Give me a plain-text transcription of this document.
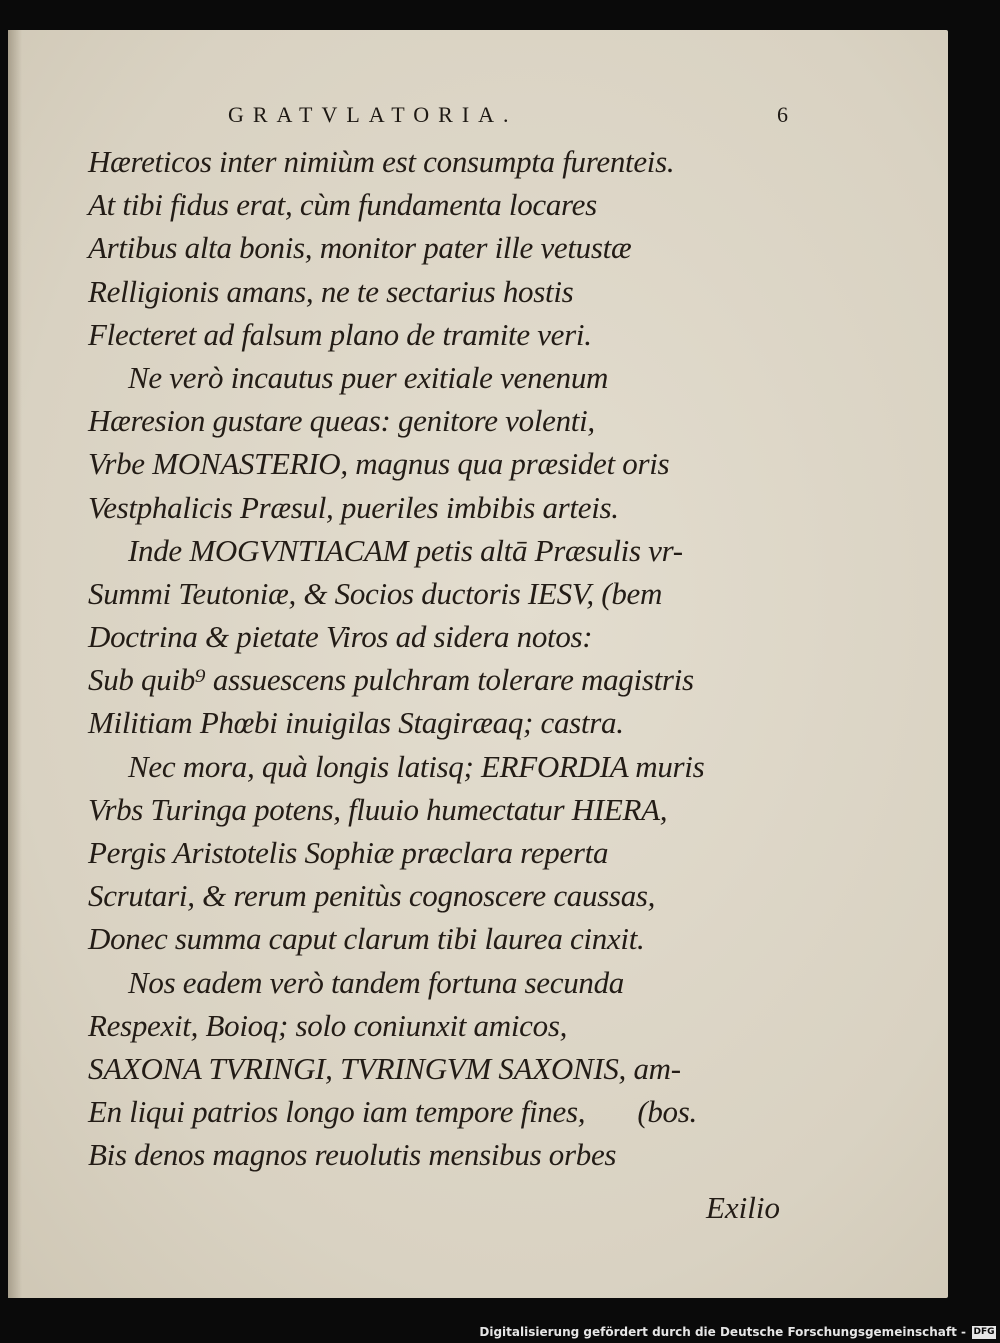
GRATVLATORIA.	6
Hæreticos inter nimiùm est consumpta furenteis.
At tibi fidus erat, cùm fundamenta locares
Artibus alta bonis, monitor pater ille vetustæ
Relligionis amans, ne te sectarius hostis
Flecteret ad falsum plano de tramite veri.
Ne verò incautus puer exitiale venenum
Hæresion gustare queas: genitore volenti,
Vrbe MONASTERIO, magnus qua præsidet oris
Vestphalicis Præsul, pueriles imbibis arteis.
Inde MOGVNTIACAM petis altā Præsulis vr-
Summi Teutoniæ, & Socios ductoris IESV, (bem
Doctrina & pietate Viros ad sidera notos:
Sub quib⁹ assuescens pulchram tolerare magistris
Militiam Phœbi inuigilas Stagiræaq; castra.
Nec mora, quà longis latisq; ERFORDIA muris
Vrbs Turinga potens, fluuio humectatur HIERA,
Pergis Aristotelis Sophiæ præclara reperta
Scrutari, & rerum penitùs cognoscere caussas,
Donec summa caput clarum tibi laurea cinxit.
Nos eadem verò tandem fortuna secunda
Respexit, Boioq; solo coniunxit amicos,
SAXONA TVRINGI, TVRINGVM SAXONIS, am-
En liqui patrios longo iam tempore fines,       (bos.
Bis denos magnos reuolutis mensibus orbes
Exilio
Digitalisierung gefördert durch die Deutsche Forschungsgemeinschaft - DFG
